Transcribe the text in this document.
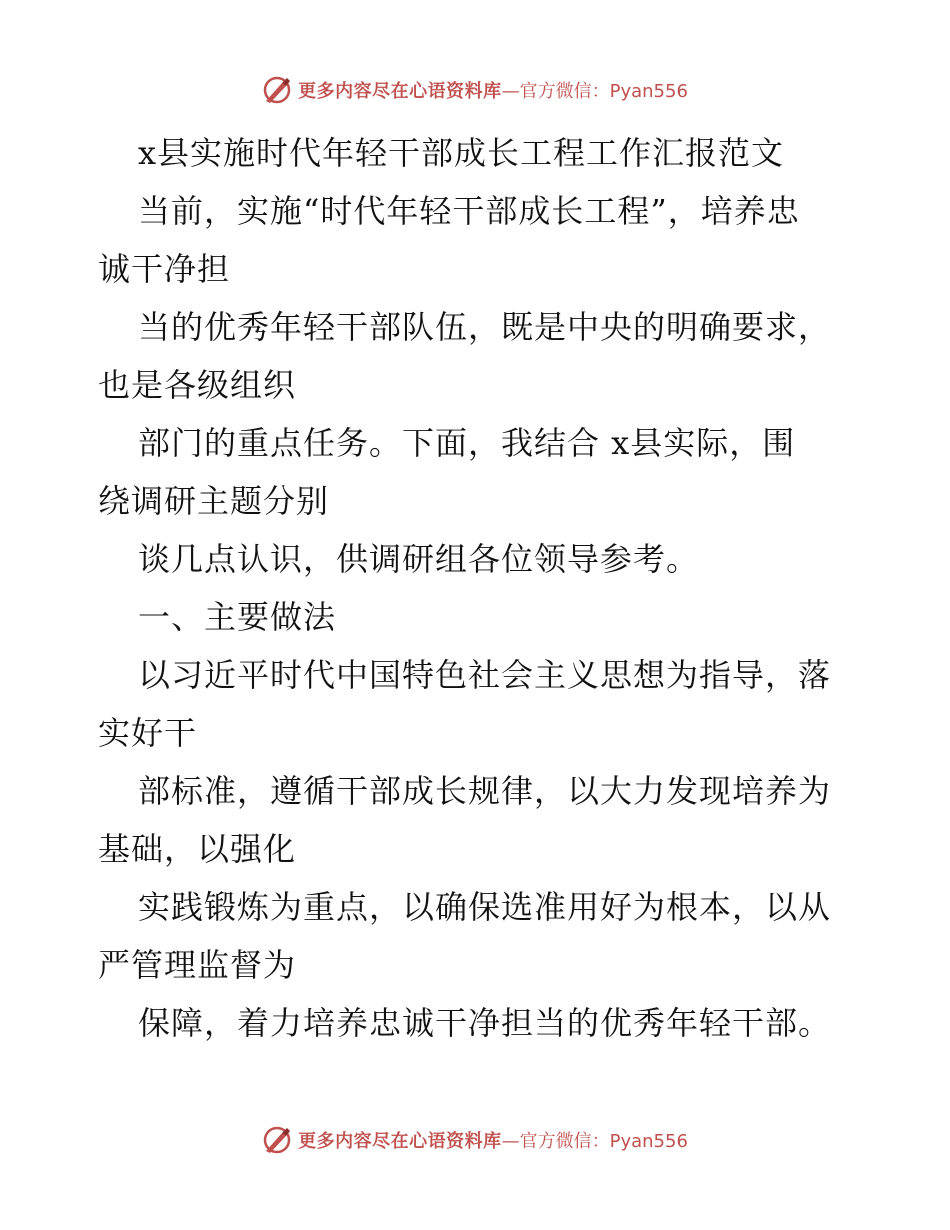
更多内容尽在心语资料库 —官方微信：Pyan556
x县实施时代年轻干部成长工程工作汇报范文
当前，实施“时代年轻干部成长工程”，培养忠
诚干净担
当的优秀年轻干部队伍，既是中央的明确要求，
也是各级组织
部门的重点任务。下面，我结合 x县实际，围
绕调研主题分别
谈几点认识，供调研组各位领导参考。
一、主要做法
以习近平时代中国特色社会主义思想为指导，落
实好干
部标准，遵循干部成长规律，以大力发现培养为
基础，以强化
实践锻炼为重点，以确保选准用好为根本，以从
严管理监督为
保障，着力培养忠诚干净担当的优秀年轻干部。
更多内容尽在心语资料库 —官方微信：Pyan556
